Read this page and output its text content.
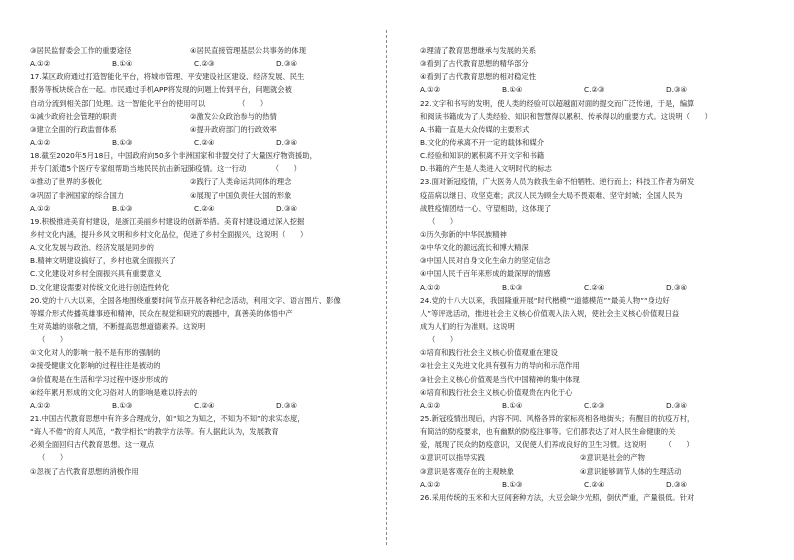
③居民监督委会工作的重要途径	④居民直接管理基层公共事务的体现
A.①②	B.①④	C.②③	D.③④
17.某区政府通过打造智能化平台，将城市管理、平安建设社区建设、经济发展、民生
服务等板块统合在一起。市民通过手机APP将发现的问题上传到平台，问题就会被
自动分流到相关部门处理。这一智能化平台的使用可以　　　　　（　　）
①减少政府社会管理的职责	②激发公众政治参与的热情
③建立全面的行政监督体系	④提升政府部门的行政效率
A.①②	B.①③	C.②④	D.③④
18.截至2020年5月18日，中国政府向50多个非洲国家和非盟交付了大量医疗物资援助，
并专门派遣5个医疗专家组帮助当地民民抗击新冠肺疫情。这一行动　　　　（　　）
①推动了世界的多极化	②践行了人类命运共同体的理念
③巩固了非洲国家的综合国力	④展现了中国负责任大国的形象
A.①②	B.①③	C.②④	D.③④
19.积极推进美育村建设，是浙江美丽乡村建设的创新举措。美育村建设通过深入挖掘
乡村文化内涵，提升乡风文明和乡村文化品位，促进了乡村全面振兴，这说明（　　）
A.文化发展与政治、经济发展是同步的
B.精神文明建设搞好了，乡村也就全面振兴了
C.文化建设对乡村全面振兴具有重要意义
D.文化建设需要对传统文化进行创造性转化
20.党的十八大以来，全国各地围绕重要时间节点开展各种纪念活动，利用文字、语言图片、影像
等媒介形式传播英雄事迹和精神，民众在视觉和研究的震撼中，真善美的体悟中产
生对英雄的崇敬之情，不断提高思想道德素养。这说明
（　　）
①文化对人的影响一般不是有形的强制的
②接受健康文化影响的过程往往是被动的
③价值观是在生活和学习过程中逐步形成的
④经年累月形成的文化习俗对人的影响是难以持去的
A.①②	B.①③	C.②④	D.③④
21.中国古代教育思想中有许多合理成分，如“知之为知之，不知为不知”的求实态度，
“诲人不倦”的育人风范，“教学相长”的教学方法等。有人据此认为，发展教育
必须全面回归古代教育思想。这一观点
（　　）
①忽视了古代教育思想的消极作用
②理清了教育思想继承与发展的关系
③看到了古代教育思想的精华部分
④看到了古代教育思想的相对稳定性
A.①②	B.①④	C.②③	D.③④
22.文字和书写的发明，使人类的经验可以超越面对面的提交而广泛传递，于是，编算
和阅读书籍成为了人类经验、知识和智慧得以累积、传承得以的重要方式。这说明（　　）
A.书籍一直是大众传媒的主要形式
B.文化的传承离不开一定的载体和媒介
C.经验和知识的累积离不开文字和书籍
D.书籍的产生是人类进入文明时代的标志
23.面对新冠疫情，广大医务人员为救我生命不怕牺牲、逆行而上；科技工作者为研发
疫苗病以继日、攻坚克难；武汉人民为顾全大局不畏艰难、坚守封城；全国人民为
战胜疫情团结一心、守望相助，这体现了
（　　）
①历久弥新的中华民族精神
②中华文化的源远流长和博大精深
③中国人民对自身文化生命力的坚定信念
④中国人民千百年来形成的最深厚的情感
A.①②	B.①③	C.②④	D.③④
24.党的十八大以来，我国隆重开展“时代楷模”“道德模范”“最美人物”“身边好
人”等评选活动，推进社会主义核心价值观入法入规，使社会主义核心价值观日益
成为人们的行为准则。这说明
（　　）
①培育和践行社会主义核心价值观重在建设
②社会主义先进文化具有强有力的导向和示范作用
③社会主义核心价值观是当代中国精神的集中体现
④培育和践行社会主义核心价值观贵在内化于心
A.①②	B.①④	C.②③	D.③④
25.新冠疫情出现后，内容不同、风格各异的家标亮相各地街头；有醒目的抗疫万村，
有简洁的防疫要求，也有幽默的防疫注事等。它们都表达了对人民生命健康的关
爱，展现了民众的防疫意识，又促使人们养成良好的卫生习惯。这说明　　　（　　）
①意识可以指导实践	②意识是社会的产物
③意识是客观存在的主观映象	④意识能够调节人体的生理活动
A.①②	B.①③	C.②④	D.③④
26.采用传统的玉米和大豆间套种方法，大豆会缺少光照，倒伏严重，产量很低。针对
